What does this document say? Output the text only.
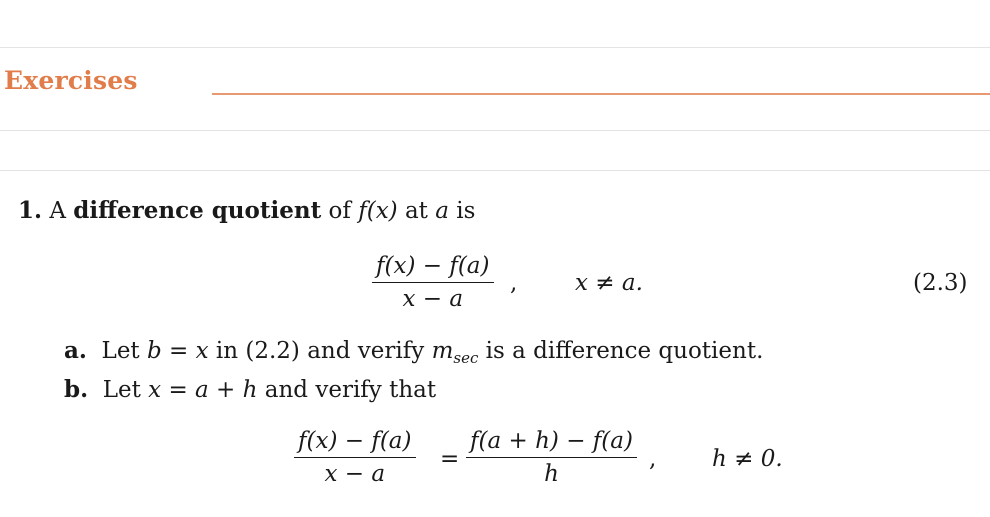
Exercises
1. A difference quotient of f(x) at a is
$\frac{f(x) - f(a)}{x - a}$ ,	x ≠ a.	(2.3)
a. Let b = x in (2.2) and verify $m_{sec}$ is a difference quotient.
b. Let x = a + h and verify that
$\frac{f(x) - f(a)}{x - a} = \frac{f(a + h) - f(a)}{h}$ , h ≠ 0.
